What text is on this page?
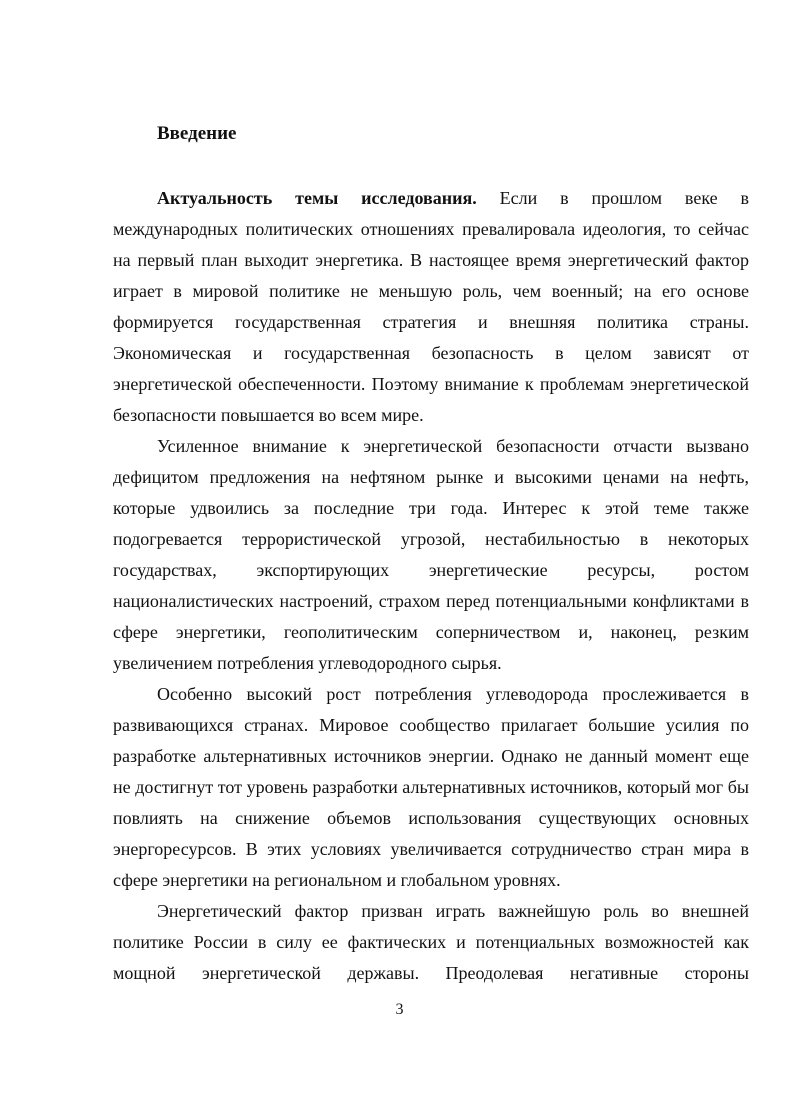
Введение

Актуальность темы исследования. Если в прошлом веке в международных политических отношениях превалировала идеология, то сейчас на первый план выходит энергетика. В настоящее время энергетический фактор играет в мировой политике не меньшую роль, чем военный; на его основе формируется государственная стратегия и внешняя политика страны. Экономическая и государственная безопасность в целом зависят от энергетической обеспеченности. Поэтому внимание к проблемам энергетической безопасности повышается во всем мире.

Усиленное внимание к энергетической безопасности отчасти вызвано дефицитом предложения на нефтяном рынке и высокими ценами на нефть, которые удвоились за последние три года. Интерес к этой теме также подогревается террористической угрозой, нестабильностью в некоторых государствах, экспортирующих энергетические ресурсы, ростом националистических настроений, страхом перед потенциальными конфликтами в сфере энергетики, геополитическим соперничеством и, наконец, резким увеличением потребления углеводородного сырья.

Особенно высокий рост потребления углеводорода прослеживается в развивающихся странах. Мировое сообщество прилагает большие усилия по разработке альтернативных источников энергии. Однако не данный момент еще не достигнут тот уровень разработки альтернативных источников, который мог бы повлиять на снижение объемов использования существующих основных энергоресурсов. В этих условиях увеличивается сотрудничество стран мира в сфере энергетики на региональном и глобальном уровнях.

Энергетический фактор призван играть важнейшую роль во внешней политике России в силу ее фактических и потенциальных возможностей как мощной энергетической державы. Преодолевая негативные стороны

3
